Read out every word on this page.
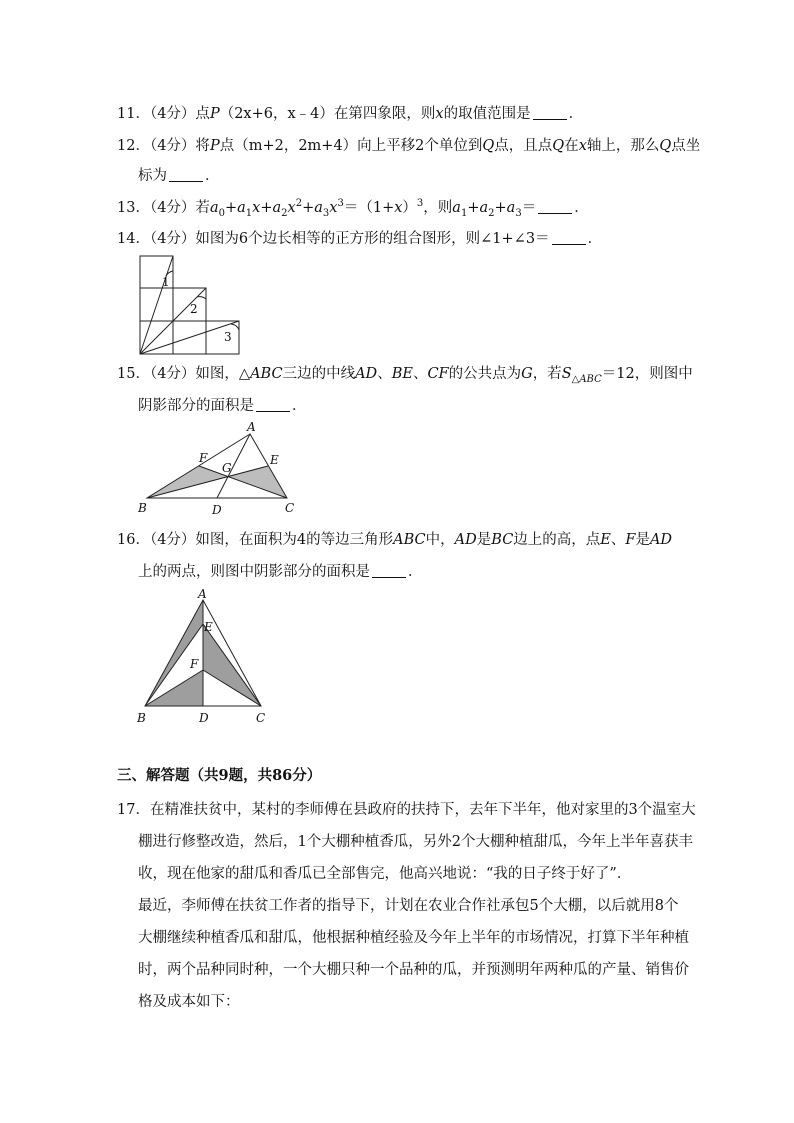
11．（4分）点P（2x+6，x﹣4）在第四象限，则x的取值范围是	．
12．（4分）将P点（m+2，2m+4）向上平移2个单位到Q点，且点Q在x轴上，那么Q点坐
标为	．
13．（4分）若$a_0+a_1x+a_2x^2+a_3x^3=(1+x)^3$，则$a_1+a_2+a_3=$	．
14．（4分）如图为6个边长相等的正方形的组合图形，则∠1+∠3＝	．
1
2
3
15．（4分）如图，△ABC三边的中线AD、BE、CF的公共点为G，若$S_{\triangle ABC}=12$，则图中
阴影部分的面积是	．
A
B	C
D
E
F
G
16．（4分）如图，在面积为4的等边三角形ABC中，AD是BC边上的高，点E、F是AD
上的两点，则图中阴影部分的面积是	．
A
B	C
D
E
F
三、解答题（共9题，共86分）
17．在精准扶贫中，某村的李师傅在县政府的扶持下，去年下半年，他对家里的3个温室大
棚进行修整改造，然后，1个大棚种植香瓜，另外2个大棚种植甜瓜，今年上半年喜获丰
收，现在他家的甜瓜和香瓜已全部售完，他高兴地说：“我的日子终于好了”．
最近，李师傅在扶贫工作者的指导下，计划在农业合作社承包5个大棚，以后就用8个
大棚继续种植香瓜和甜瓜，他根据种植经验及今年上半年的市场情况，打算下半年种植
时，两个品种同时种，一个大棚只种一个品种的瓜，并预测明年两种瓜的产量、销售价
格及成本如下：
